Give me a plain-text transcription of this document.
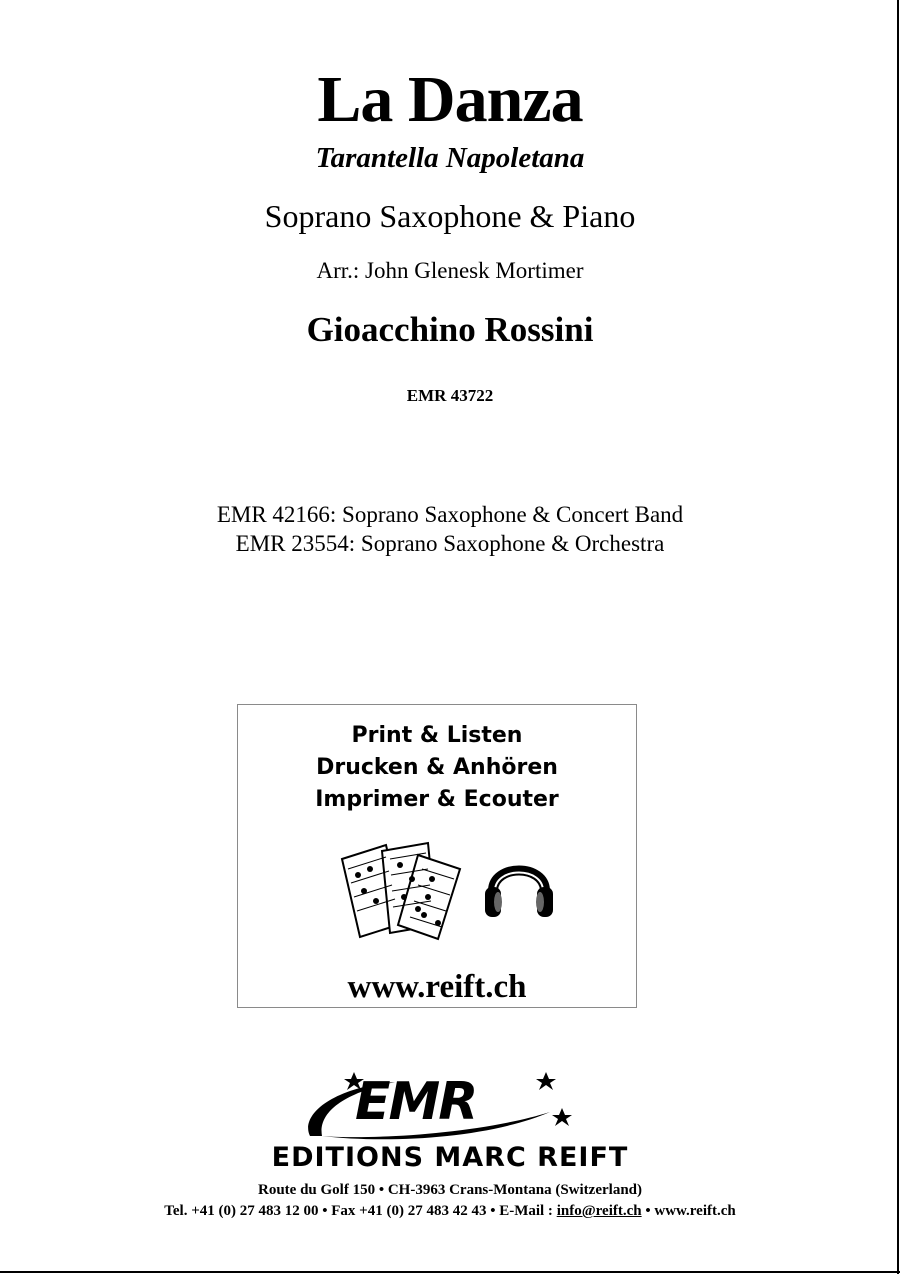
La Danza
Tarantella Napoletana
Soprano Saxophone & Piano
Arr.: John Glenesk Mortimer
Gioacchino Rossini
EMR 43722
EMR 42166: Soprano Saxophone & Concert Band
EMR 23554: Soprano Saxophone & Orchestra
Print & Listen
Drucken & Anhören
Imprimer & Ecouter
www.reift.ch
EMR
EDITIONS MARC REIFT
Route du Golf 150 • CH-3963 Crans-Montana (Switzerland)
Tel. +41 (0) 27 483 12 00 • Fax +41 (0) 27 483 42 43 • E-Mail : info@reift.ch • www.reift.ch
